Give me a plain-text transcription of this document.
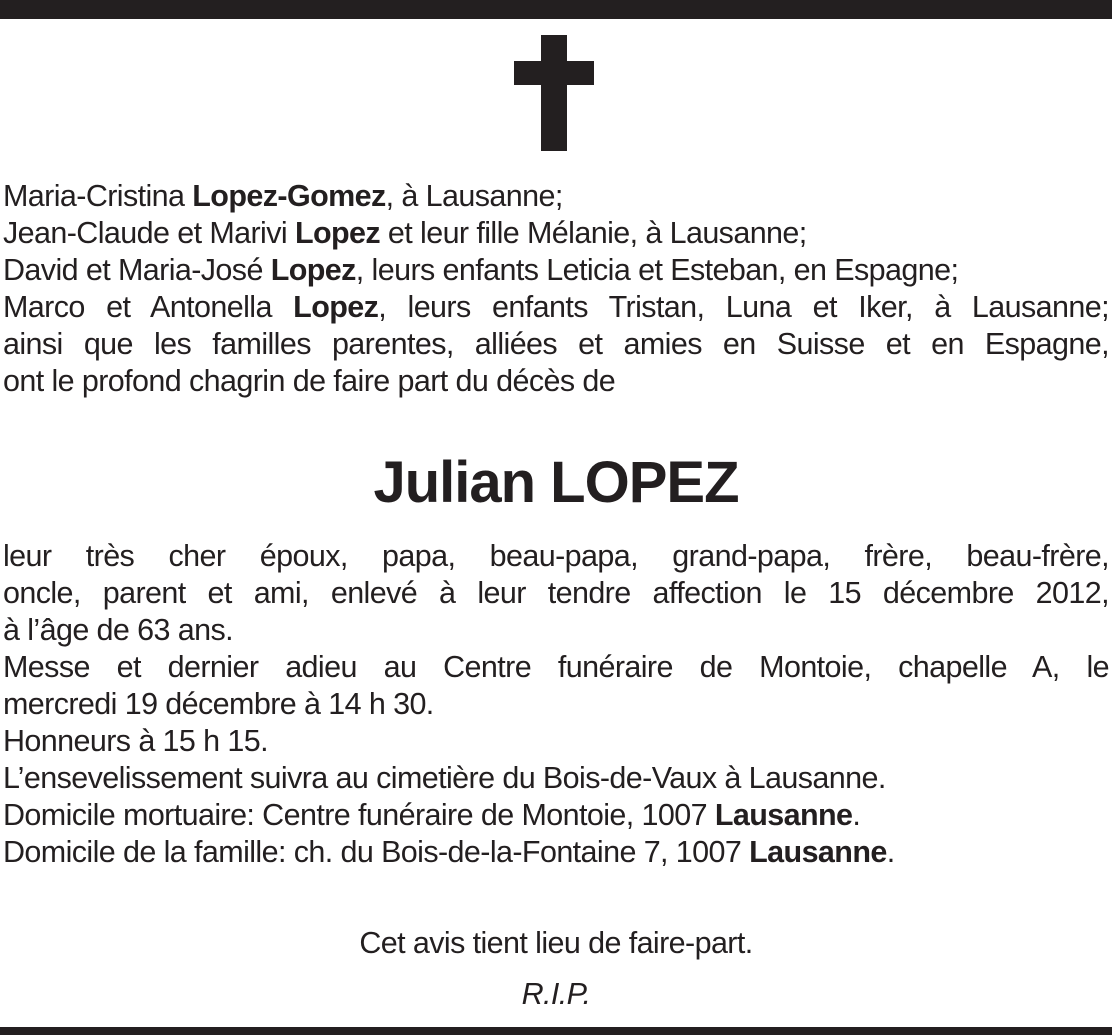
Maria-Cristina Lopez-Gomez, à Lausanne;
Jean-Claude et Marivi Lopez et leur fille Mélanie, à Lausanne;
David et Maria-José Lopez, leurs enfants Leticia et Esteban, en Espagne;
Marco et Antonella Lopez, leurs enfants Tristan, Luna et Iker, à Lausanne;
ainsi que les familles parentes, alliées et amies en Suisse et en Espagne,
ont le profond chagrin de faire part du décès de
Julian LOPEZ
leur très cher époux, papa, beau-papa, grand-papa, frère, beau-frère,
oncle, parent et ami, enlevé à leur tendre affection le 15 décembre 2012,
à l’âge de 63 ans.
Messe et dernier adieu au Centre funéraire de Montoie, chapelle A, le
mercredi 19 décembre à 14 h 30.
Honneurs à 15 h 15.
L’ensevelissement suivra au cimetière du Bois-de-Vaux à Lausanne.
Domicile mortuaire: Centre funéraire de Montoie, 1007 Lausanne.
Domicile de la famille: ch. du Bois-de-la-Fontaine 7, 1007 Lausanne.
Cet avis tient lieu de faire-part.
R.I.P.
